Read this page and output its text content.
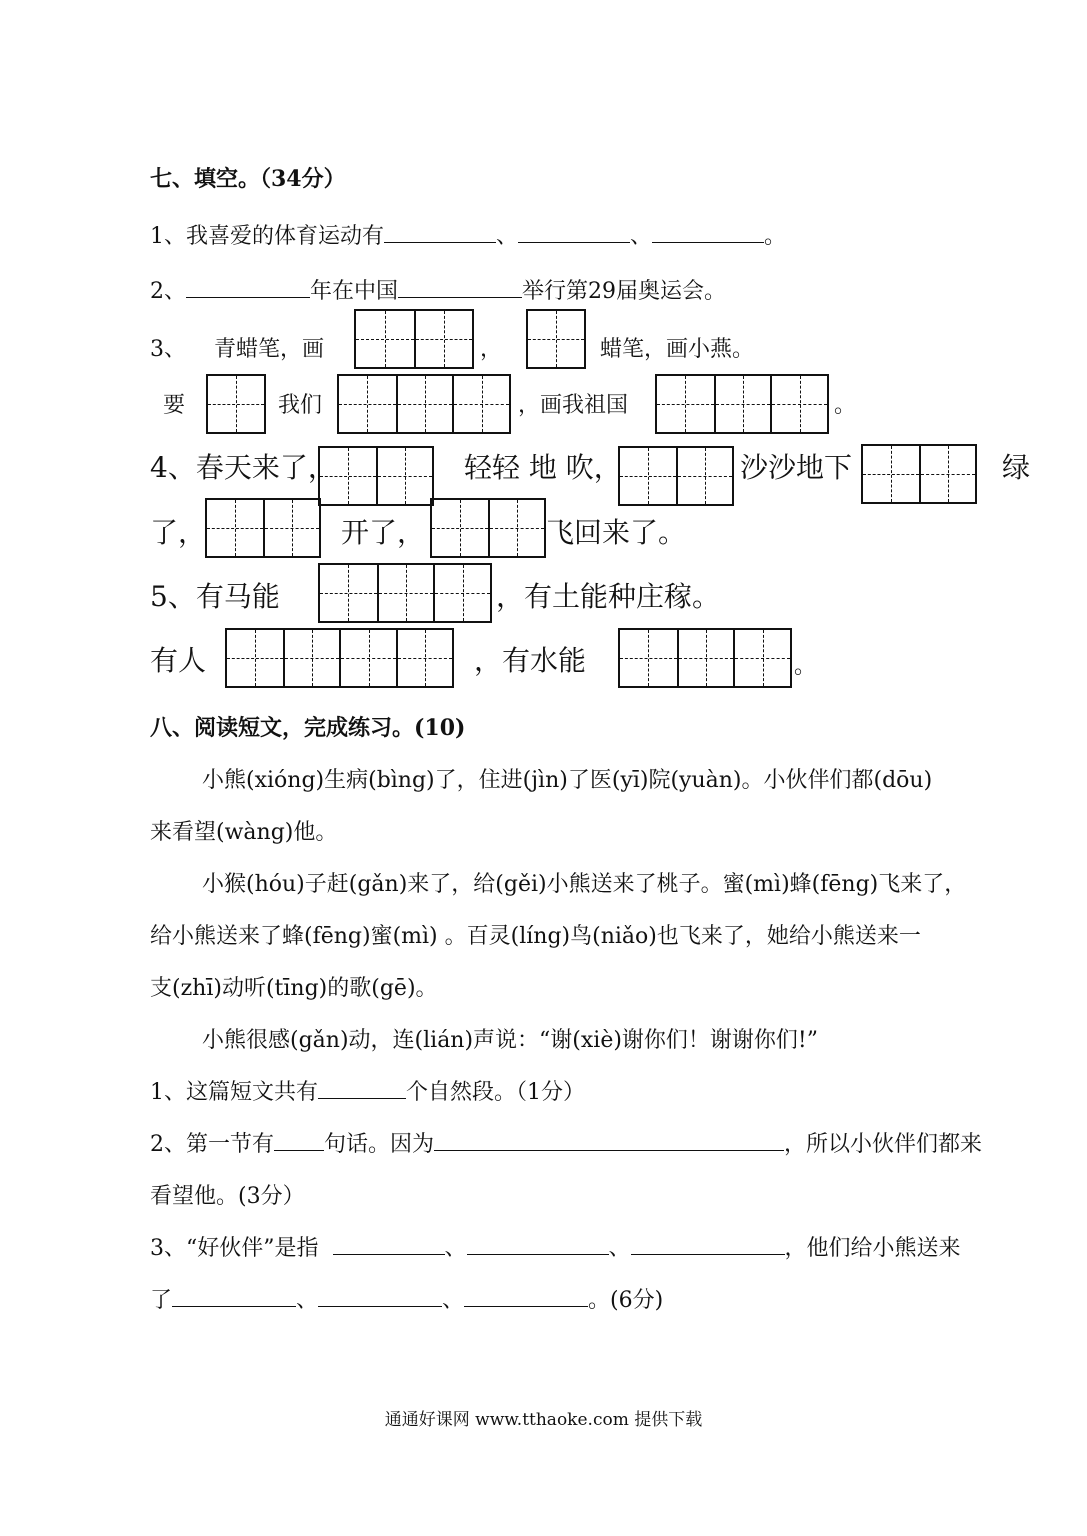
七、填空。（34分）
1、我喜爱的体育运动有	、	、	。
2、	年在中国	举行第29届奥运会。
3、 青蜡笔，画	，	蜡笔，画小燕。
要	我们	，画我祖国	。
4、春天来了，	轻轻 地 吹，	沙沙地下	绿
了，	开了，	飞回来了。
5、有马能	，有土能种庄稼。
有人	，有水能	。
八、阅读短文，完成练习。(10)
小熊(xióng)生病(bìng)了，住进(jìn)了医(yī)院(yuàn)。小伙伴们都(dōu)
来看望(wàng)他。
小猴(hóu)子赶(gǎn)来了，给(gěi)小熊送来了桃子。蜜(mì)蜂(fēng)飞来了，
给小熊送来了蜂(fēng)蜜(mì) 。百灵(líng)鸟(niǎo)也飞来了，她给小熊送来一
支(zhī)动听(tīng)的歌(gē)。
小熊很感(gǎn)动，连(lián)声说：“谢(xiè)谢你们！谢谢你们!”
1、这篇短文共有	个自然段。（1分）
2、第一节有 句话。因为	，所以小伙伴们都来
看望他。(3分）
3、“好伙伴”是指	、	、	，他们给小熊送来
了	、	、	。(6分)
通通好课网 www.tthaoke.com 提供下载
